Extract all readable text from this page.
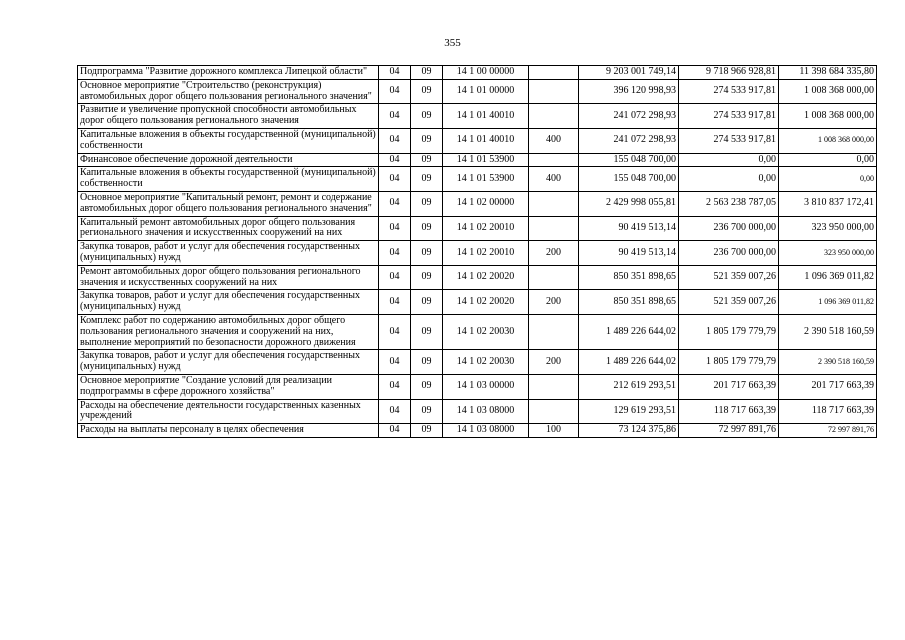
355
Подпрограмма "Развитие дорожного комплекса Липецкой области"	04	09	14 1 00 00000		9 203 001 749,14	9 718 966 928,81	11 398 684 335,80
Основное мероприятие "Строительство (реконструкция) автомобильных дорог общего пользования регионального значения"	04	09	14 1 01 00000		396 120 998,93	274 533 917,81	1 008 368 000,00
Развитие и увеличение пропускной способности автомобильных дорог общего пользования регионального значения	04	09	14 1 01 40010		241 072 298,93	274 533 917,81	1 008 368 000,00
Капитальные вложения в объекты государственной (муниципальной) собственности	04	09	14 1 01 40010	400	241 072 298,93	274 533 917,81	1 008 368 000,00
Финансовое обеспечение дорожной деятельности	04	09	14 1 01 53900		155 048 700,00	0,00	0,00
Капитальные вложения в объекты государственной (муниципальной) собственности	04	09	14 1 01 53900	400	155 048 700,00	0,00	0,00
Основное мероприятие "Капитальный ремонт, ремонт и содержание автомобильных дорог общего пользования регионального значения"	04	09	14 1 02 00000		2 429 998 055,81	2 563 238 787,05	3 810 837 172,41
Капитальный ремонт автомобильных дорог общего пользования регионального значения и искусственных сооружений на них	04	09	14 1 02 20010		90 419 513,14	236 700 000,00	323 950 000,00
Закупка товаров, работ и услуг для обеспечения государственных (муниципальных) нужд	04	09	14 1 02 20010	200	90 419 513,14	236 700 000,00	323 950 000,00
Ремонт автомобильных дорог общего пользования регионального значения и искусственных сооружений на них	04	09	14 1 02 20020		850 351 898,65	521 359 007,26	1 096 369 011,82
Закупка товаров, работ и услуг для обеспечения государственных (муниципальных) нужд	04	09	14 1 02 20020	200	850 351 898,65	521 359 007,26	1 096 369 011,82
Комплекс работ по содержанию автомобильных дорог общего пользования регионального значения и сооружений на них, выполнение мероприятий по безопасности дорожного движения	04	09	14 1 02 20030		1 489 226 644,02	1 805 179 779,79	2 390 518 160,59
Закупка товаров, работ и услуг для обеспечения государственных (муниципальных) нужд	04	09	14 1 02 20030	200	1 489 226 644,02	1 805 179 779,79	2 390 518 160,59
Основное мероприятие "Создание условий для реализации подпрограммы в сфере дорожного хозяйства"	04	09	14 1 03 00000		212 619 293,51	201 717 663,39	201 717 663,39
Расходы на обеспечение деятельности государственных казенных учреждений	04	09	14 1 03 08000		129 619 293,51	118 717 663,39	118 717 663,39
Расходы на выплаты персоналу в целях обеспечения	04	09	14 1 03 08000	100	73 124 375,86	72 997 891,76	72 997 891,76
